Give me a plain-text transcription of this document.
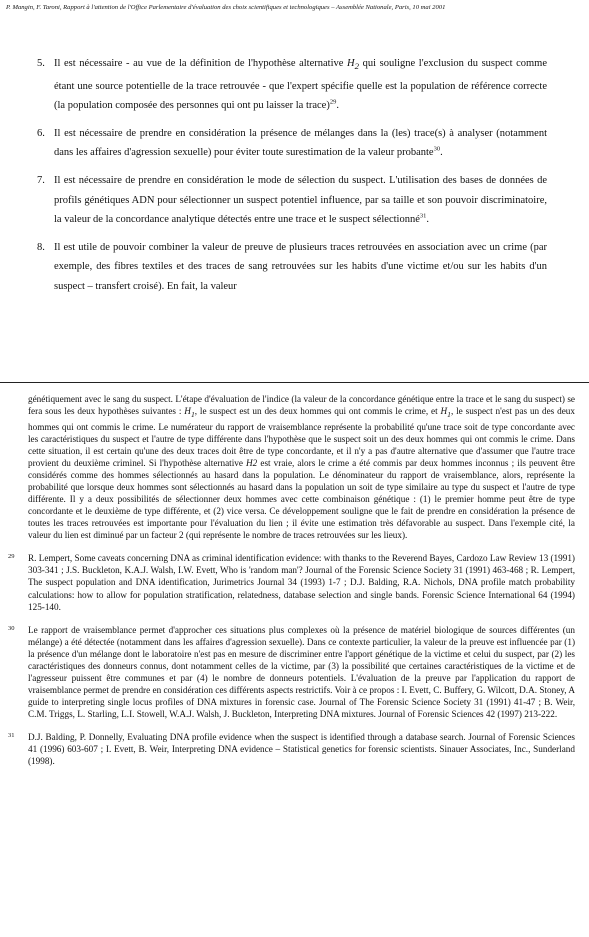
P. Mangin, F. Taroni, Rapport à l'attention de l'Office Parlementaire d'évaluation des choix scientifiques et technologiques – Assemblée Nationale, Paris, 10 mai 2001
5. Il est nécessaire - au vue de la définition de l'hypothèse alternative $H_2$ qui souligne l'exclusion du suspect comme étant une source potentielle de la trace retrouvée - que l'expert spécifie quelle est la population de référence correcte (la population composée des personnes qui ont pu laisser la trace)$^{29}$.
6. Il est nécessaire de prendre en considération la présence de mélanges dans la (les) trace(s) à analyser (notamment dans les affaires d'agression sexuelle) pour éviter toute surestimation de la valeur probante$^{30}$.
7. Il est nécessaire de prendre en considération le mode de sélection du suspect. L'utilisation des bases de données de profils génétiques ADN pour sélectionner un suspect potentiel influence, par sa taille et son pouvoir discriminatoire, la valeur de la concordance analytique détectés entre une trace et le suspect sélectionné$^{31}$.
8. Il est utile de pouvoir combiner la valeur de preuve de plusieurs traces retrouvées en association avec un crime (par exemple, des fibres textiles et des traces de sang retrouvées sur les habits d'une victime et/ou sur les habits d'un suspect – transfert croisé). En fait, la valeur
génétiquement avec le sang du suspect. L'étape d'évaluation de l'indice (la valeur de la concordance génétique entre la trace et le sang du suspect) se fera sous les deux hypothèses suivantes : $H_1$, le suspect est un des deux hommes qui ont commis le crime, et $H_1$, le suspect n'est pas un des deux hommes qui ont commis le crime. Le numérateur du rapport de vraisemblance représente la probabilité qu'une trace soit de type concordante avec les caractéristiques du suspect et l'autre de type différente dans l'hypothèse que le suspect soit un des deux hommes qui ont commis le crime. Dans cette situation, il est certain qu'une des deux traces doit être de type concordante, et il n'y a pas d'autre alternative que d'assumer que l'autre trace provient du deuxième criminel. Si l'hypothèse alternative H2 est vraie, alors le crime a été commis par deux hommes inconnus ; ils peuvent être considérés comme des hommes sélectionnés au hasard dans la population. Le dénominateur du rapport de vraisemblance, alors, représente la probabilité que lorsque deux hommes sont sélectionnés au hasard dans la population un soit de type similaire au type du suspect et l'autre de type différente. Il y a deux possibilités de sélectionner deux hommes avec cette combinaison génétique : (1) le premier homme peut être de type concordante et le deuxième de type différente, et (2) vice versa. Ce développement souligne que le fait de prendre en considération la présence de toutes les traces retrouvées est importante pour l'évaluation du lien ; il évite une estimation très défavorable au suspect. Dans l'exemple cité, la valeur du lien est diminué par un facteur 2 (qui représente le nombre de traces retrouvées sur les lieux).
29 R. Lempert, Some caveats concerning DNA as criminal identification evidence: with thanks to the Reverend Bayes, Cardozo Law Review 13 (1991) 303-341 ; J.S. Buckleton, K.A.J. Walsh, I.W. Evett, Who is 'random man'? Journal of the Forensic Science Society 31 (1991) 463-468 ; R. Lempert, The suspect population and DNA identification, Jurimetrics Journal 34 (1993) 1-7 ; D.J. Balding, R.A. Nichols, DNA profile match probability calculations: how to allow for population stratification, relatedness, database selection and single bands. Forensic Science International 64 (1994) 125-140.
30 Le rapport de vraisemblance permet d'approcher ces situations plus complexes où la présence de matériel biologique de sources différentes (un mélange) a été détectée (notamment dans les affaires d'agression sexuelle). Dans ce contexte particulier, la valeur de la preuve est influencée par (1) la présence d'un mélange dont le laboratoire n'est pas en mesure de discriminer entre l'apport génétique de la victime et celui du suspect, par (2) les caractéristiques des donneurs connus, dont notamment celles de la victime, par (3) la possibilité que certaines caractéristiques de la victime et de l'agresseur puissent être communes et par (4) le nombre de donneurs potentiels. L'évaluation de la preuve par l'application du rapport de vraisemblance permet de prendre en considération ces différents aspects restrictifs. Voir à ce propos : I. Evett, C. Buffery, G. Wilcott, D.A. Stoney, A guide to interpreting single locus profiles of DNA mixtures in forensic case. Journal of The Forensic Science Society 31 (1991) 41-47 ; B. Weir, C.M. Triggs, L. Starling, L.I. Stowell, W.A.J. Walsh, J. Buckleton, Interpreting DNA mixtures. Journal of Forensic Sciences 42 (1997) 213-222.
31 D.J. Balding, P. Donnelly, Evaluating DNA profile evidence when the suspect is identified through a database search. Journal of Forensic Sciences 41 (1996) 603-607 ; I. Evett, B. Weir, Interpreting DNA evidence – Statistical genetics for forensic scientists. Sinauer Associates, Inc., Sunderland (1998).
